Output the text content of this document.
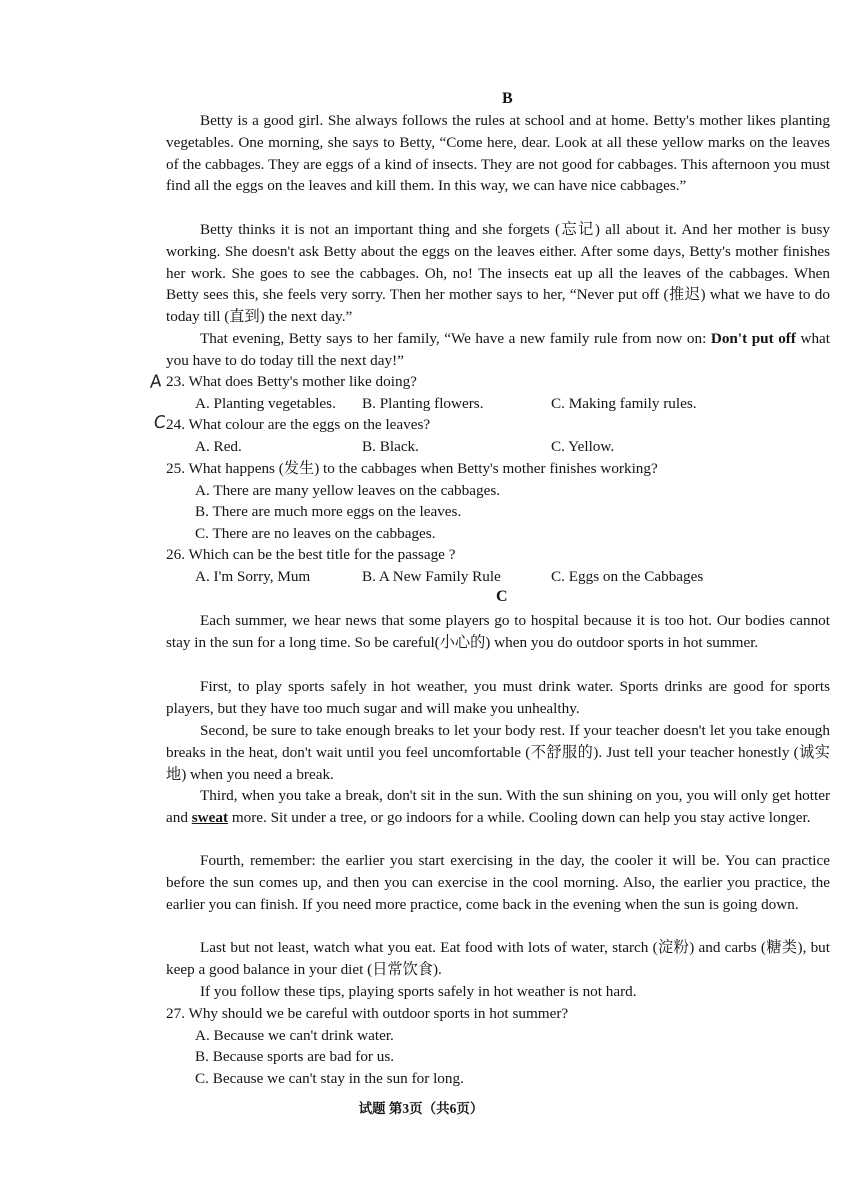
B
Betty is a good girl. She always follows the rules at school and at home. Betty's mother likes planting vegetables. One morning, she says to Betty, “Come here, dear. Look at all these yellow marks on the leaves of the cabbages. They are eggs of a kind of insects. They are not good for cabbages. This afternoon you must find all the eggs on the leaves and kill them. In this way, we can have nice cabbages.”
Betty thinks it is not an important thing and she forgets (忘记) all about it. And her mother is busy working. She doesn't ask Betty about the eggs on the leaves either. After some days, Betty's mother finishes her work. She goes to see the cabbages. Oh, no! The insects eat up all the leaves of the cabbages. When Betty sees this, she feels very sorry. Then her mother says to her, “Never put off (推迟) what we have to do today till (直到) the next day.”
That evening, Betty says to her family, “We have a new family rule from now on: Don't put off what you have to do today till the next day!”
A 23. What does Betty's mother like doing?
A. Planting vegetables. B. Planting flowers.	C. Making family rules.
C
24. What colour are the eggs on the leaves?
A. Red.	B. Black.	C. Yellow.
25. What happens (发生) to the cabbages when Betty's mother finishes working?
A. There are many yellow leaves on the cabbages.
B. There are much more eggs on the leaves.
C. There are no leaves on the cabbages.
26. Which can be the best title for the passage ?
A. I'm Sorry, Mum	B. A New Family Rule	C. Eggs on the Cabbages
C
Each summer, we hear news that some players go to hospital because it is too hot. Our bodies cannot stay in the sun for a long time. So be careful(小心的) when you do outdoor sports in hot summer.
First, to play sports safely in hot weather, you must drink water. Sports drinks are good for sports players, but they have too much sugar and will make you unhealthy.
Second, be sure to take enough breaks to let your body rest. If your teacher doesn't let you take enough breaks in the heat, don't wait until you feel uncomfortable (不舒服的). Just tell your teacher honestly (诚实地) when you need a break.
Third, when you take a break, don't sit in the sun. With the sun shining on you, you will only get hotter and sweat more. Sit under a tree, or go indoors for a while. Cooling down can help you stay active longer.
Fourth, remember: the earlier you start exercising in the day, the cooler it will be. You can practice before the sun comes up, and then you can exercise in the cool morning. Also, the earlier you practice, the earlier you can finish. If you need more practice, come back in the evening when the sun is going down.
Last but not least, watch what you eat. Eat food with lots of water, starch (淀粉) and carbs (糖类), but keep a good balance in your diet (日常饮食).
If you follow these tips, playing sports safely in hot weather is not hard.
27. Why should we be careful with outdoor sports in hot summer?
A. Because we can't drink water.
B. Because sports are bad for us.
C. Because we can't stay in the sun for long.
试题 第3页（共6页）
